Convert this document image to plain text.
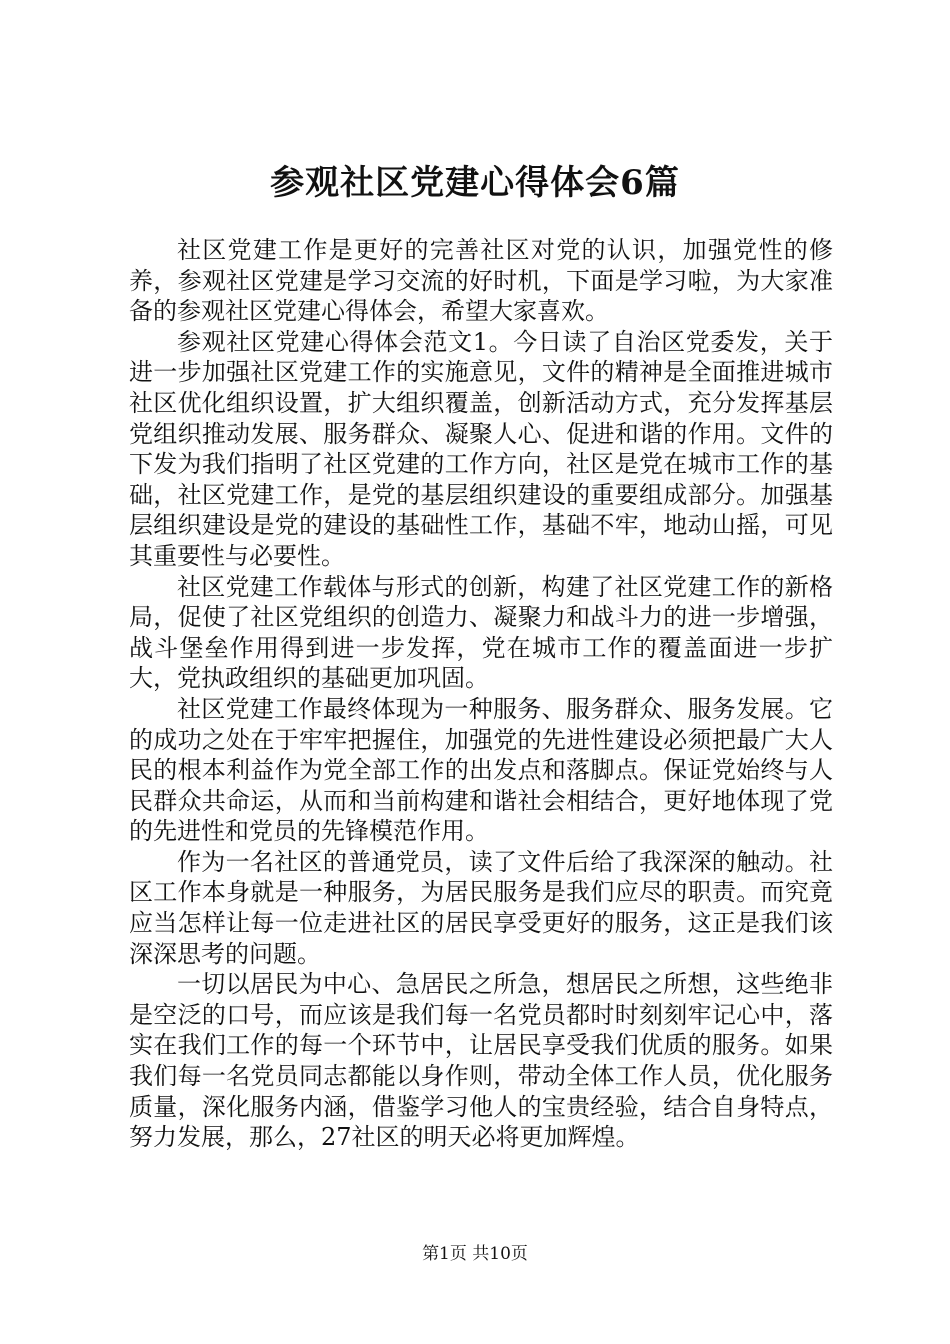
参观社区党建心得体会6篇

社区党建工作是更好的完善社区对党的认识，加强党性的修养，参观社区党建是学习交流的好时机，下面是学习啦，为大家准备的参观社区党建心得体会，希望大家喜欢。

参观社区党建心得体会范文1。今日读了自治区党委发，关于进一步加强社区党建工作的实施意见，文件的精神是全面推进城市社区优化组织设置，扩大组织覆盖，创新活动方式，充分发挥基层党组织推动发展、服务群众、凝聚人心、促进和谐的作用。文件的下发为我们指明了社区党建的工作方向，社区是党在城市工作的基础，社区党建工作，是党的基层组织建设的重要组成部分。加强基层组织建设是党的建设的基础性工作，基础不牢，地动山摇，可见其重要性与必要性。

社区党建工作载体与形式的创新，构建了社区党建工作的新格局，促使了社区党组织的创造力、凝聚力和战斗力的进一步增强，战斗堡垒作用得到进一步发挥，党在城市工作的覆盖面进一步扩大，党执政组织的基础更加巩固。

社区党建工作最终体现为一种服务、服务群众、服务发展。它的成功之处在于牢牢把握住，加强党的先进性建设必须把最广大人民的根本利益作为党全部工作的出发点和落脚点。保证党始终与人民群众共命运，从而和当前构建和谐社会相结合，更好地体现了党的先进性和党员的先锋模范作用。

作为一名社区的普通党员，读了文件后给了我深深的触动。社区工作本身就是一种服务，为居民服务是我们应尽的职责。而究竟应当怎样让每一位走进社区的居民享受更好的服务，这正是我们该深深思考的问题。

一切以居民为中心、急居民之所急，想居民之所想，这些绝非是空泛的口号，而应该是我们每一名党员都时时刻刻牢记心中，落实在我们工作的每一个环节中，让居民享受我们优质的服务。如果我们每一名党员同志都能以身作则，带动全体工作人员，优化服务质量，深化服务内涵，借鉴学习他人的宝贵经验，结合自身特点，努力发展，那么，27社区的明天必将更加辉煌。

第1页 共10页
